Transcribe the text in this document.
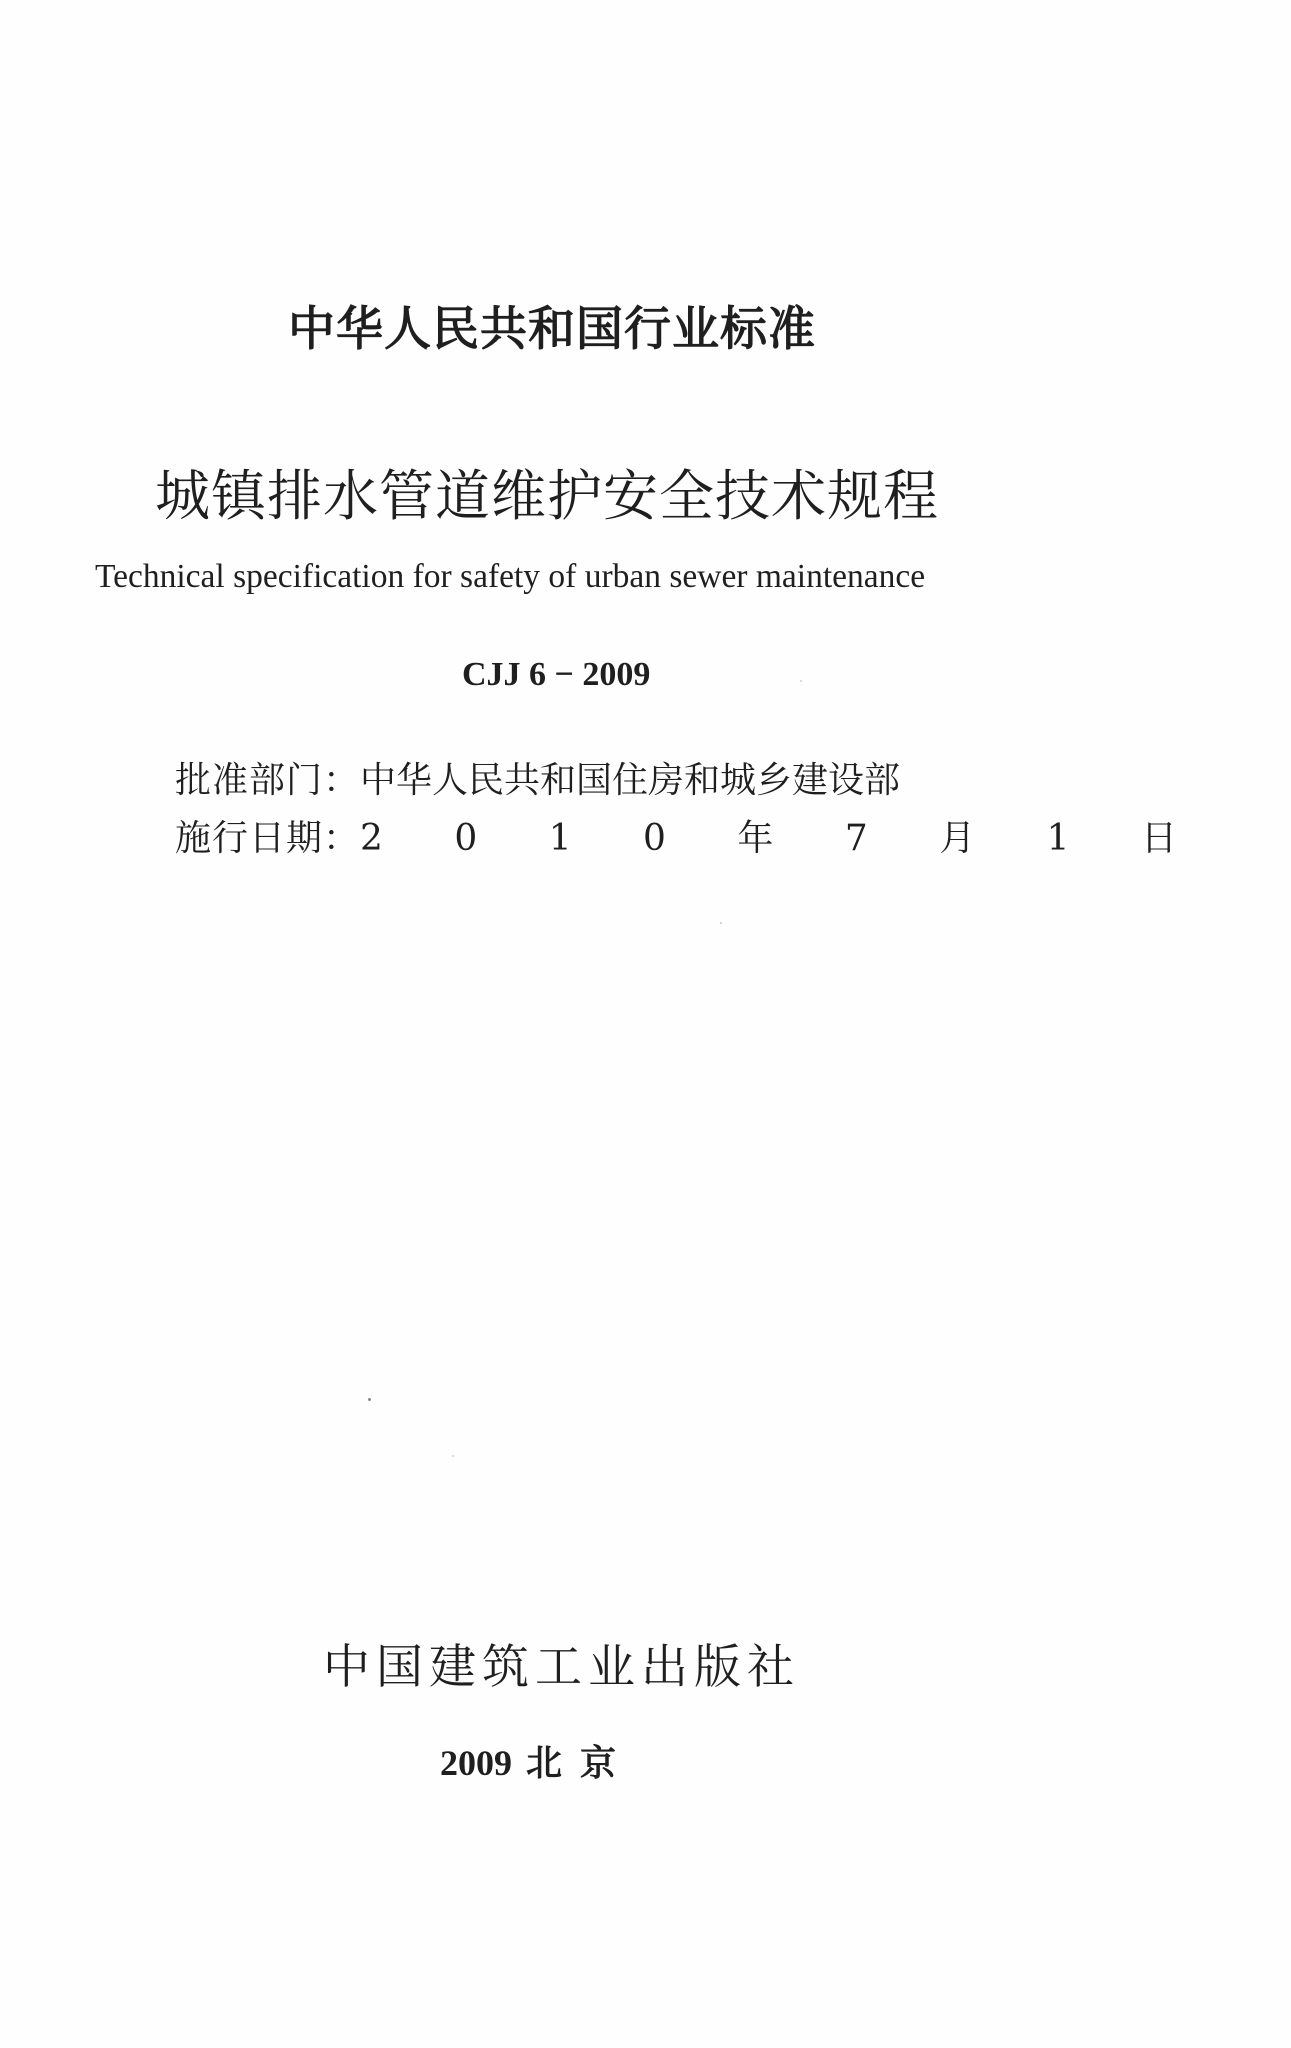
中华人民共和国行业标准
城镇排水管道维护安全技术规程
Technical specification for safety of urban sewer maintenance
CJJ 6 − 2009
批准部门：中华人民共和国住房和城乡建设部
施行日期：2 0 1 0 年 7 月 1 日
中国建筑工业出版社
2009 北京
